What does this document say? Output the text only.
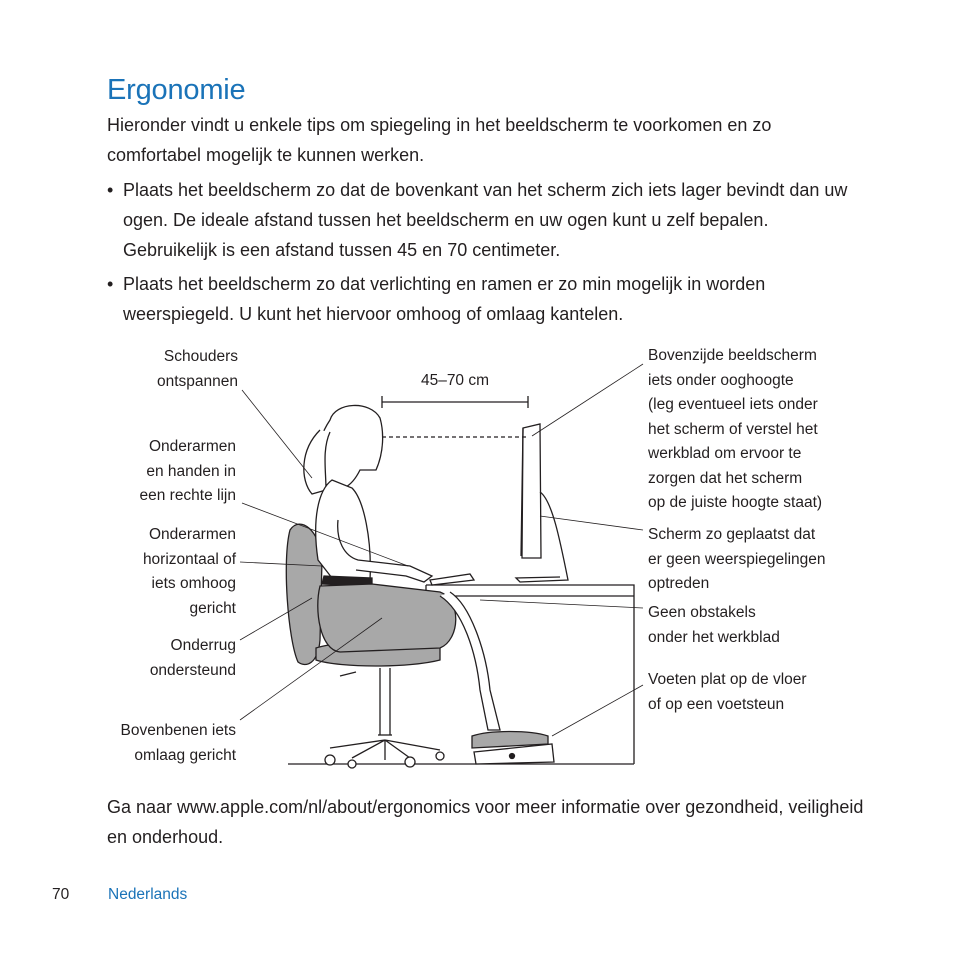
Ergonomie
Hieronder vindt u enkele tips om spiegeling in het beeldscherm te voorkomen en zo comfortabel mogelijk te kunnen werken.
• Plaats het beeldscherm zo dat de bovenkant van het scherm zich iets lager bevindt dan uw ogen. De ideale afstand tussen het beeldscherm en uw ogen kunt u zelf bepalen. Gebruikelijk is een afstand tussen 45 en 70 centimeter.
• Plaats het beeldscherm zo dat verlichting en ramen er zo min mogelijk in worden weerspiegeld. U kunt het hiervoor omhoog of omlaag kantelen.
45–70 cm
Schouders
ontspannen
Onderarmen
en handen in
een rechte lijn
Onderarmen
horizontaal of
iets omhoog
gericht
Onderrug
ondersteund
Bovenbenen iets
omlaag gericht
Bovenzijde beeldscherm
iets onder ooghoogte
(leg eventueel iets onder
het scherm of verstel het
werkblad om ervoor te
zorgen dat het scherm
op de juiste hoogte staat)
Scherm zo geplaatst dat
er geen weerspiegelingen
optreden
Geen obstakels
onder het werkblad
Voeten plat op de vloer
of op een voetsteun
Ga naar www.apple.com/nl/about/ergonomics voor meer informatie over gezondheid, veiligheid en onderhoud.
70	Nederlands
